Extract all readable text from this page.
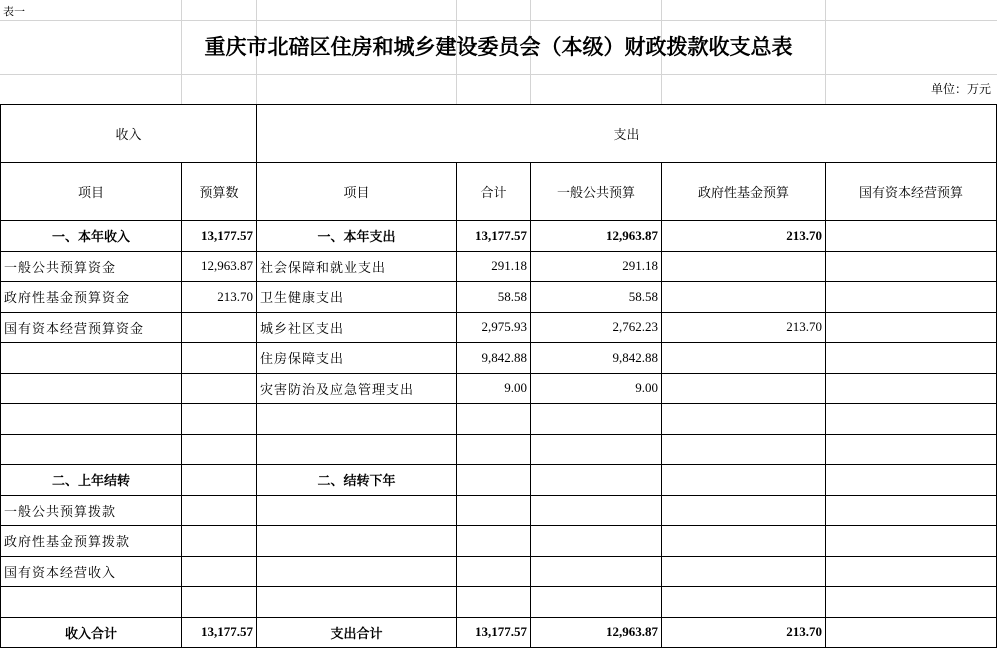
表一
重庆市北碚区住房和城乡建设委员会（本级）财政拨款收支总表
单位：万元
收入		支出				
项目	预算数	项目	合计	一般公共预算	政府性基金预算	国有资本经营预算
一、本年收入	13,177.57	一、本年支出	13,177.57	12,963.87	213.70	
一般公共预算资金	12,963.87	社会保障和就业支出	291.18	291.18		
政府性基金预算资金	213.70	卫生健康支出	58.58	58.58		
国有资本经营预算资金		城乡社区支出	2,975.93	2,762.23	213.70	
		住房保障支出	9,842.88	9,842.88		
		灾害防治及应急管理支出	9.00	9.00		

二、上年结转		二、结转下年				
一般公共预算拨款						
政府性基金预算拨款						
国有资本经营收入						

收入合计	13,177.57	支出合计	13,177.57	12,963.87	213.70	
